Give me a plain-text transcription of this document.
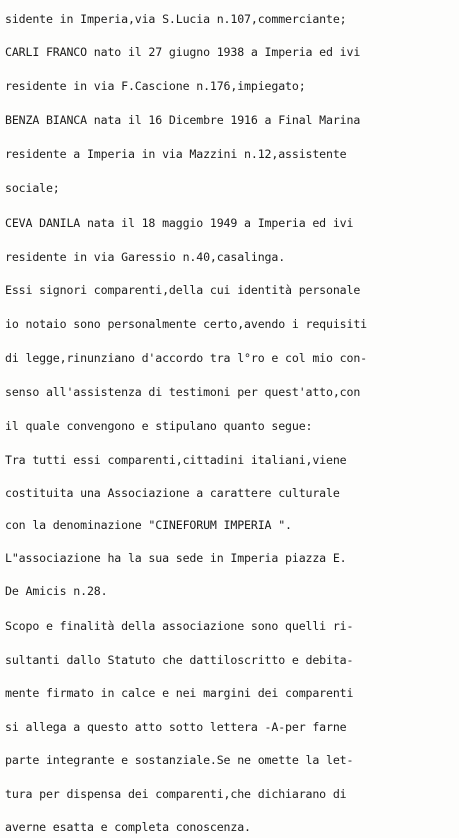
sidente in Imperia,via S.Lucia n.107,commerciante;
CARLI FRANCO nato il 27 giugno 1938 a Imperia ed ivi
residente in via F.Cascione n.176,impiegato;
BENZA BIANCA nata il 16 Dicembre 1916 a Final Marina
residente a Imperia in via Mazzini n.12,assistente
sociale;
CEVA DANILA nata il 18 maggio 1949 a Imperia ed ivi
residente in via Garessio n.40,casalinga.
Essi signori comparenti,della cui identità personale
io notaio sono personalmente certo,avendo i requisiti
di legge,rinunziano d'accordo tra l°ro e col mio con-
senso all'assistenza di testimoni per quest'atto,con
il quale convengono e stipulano quanto segue:
Tra tutti essi comparenti,cittadini italiani,viene
costituita una Associazione a carattere culturale
con la denominazione "CINEFORUM IMPERIA ".
L"associazione ha la sua sede in Imperia piazza E.
De Amicis n.28.
Scopo e finalità della associazione sono quelli ri-
sultanti dallo Statuto che dattiloscritto e debita-
mente firmato in calce e nei margini dei comparenti
si allega a questo atto sotto lettera -A-per farne
parte integrante e sostanziale.Se ne omette la let-
tura per dispensa dei comparenti,che dichiarano di
averne esatta e completa conoscenza.
